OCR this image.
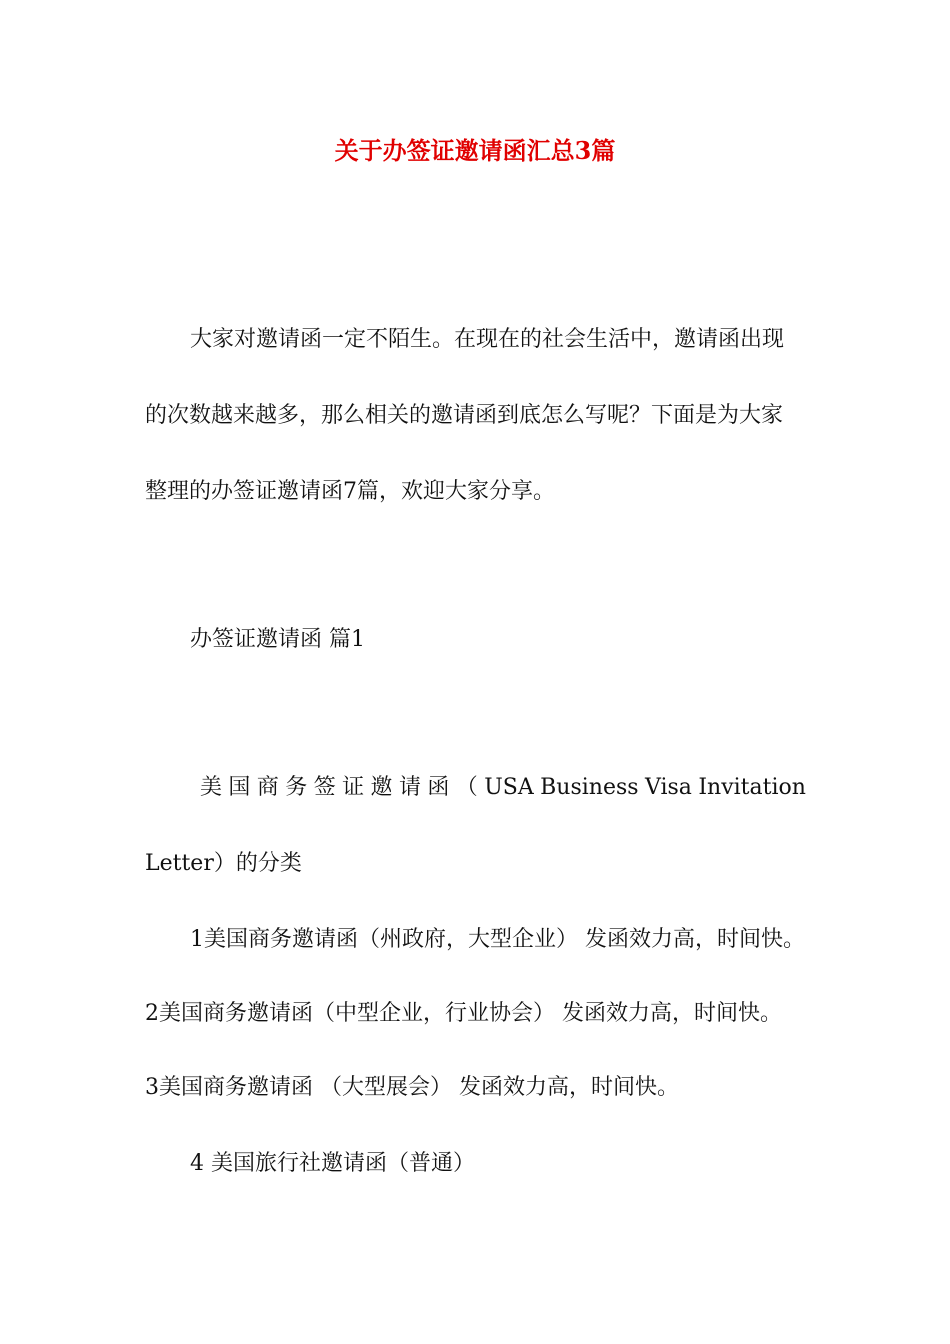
关于办签证邀请函汇总3篇
大家对邀请函一定不陌生。在现在的社会生活中，邀请函出现
的次数越来越多，那么相关的邀请函到底怎么写呢？下面是为大家
整理的办签证邀请函7篇，欢迎大家分享。
办签证邀请函 篇1
美 国 商 务 签 证 邀 请 函 （ USA Business Visa Invitation
Letter）的分类
1美国商务邀请函（州政府，大型企业） 发函效力高，时间快。
2美国商务邀请函（中型企业，行业协会） 发函效力高，时间快。
3美国商务邀请函 （大型展会） 发函效力高，时间快。
4 美国旅行社邀请函（普通）
